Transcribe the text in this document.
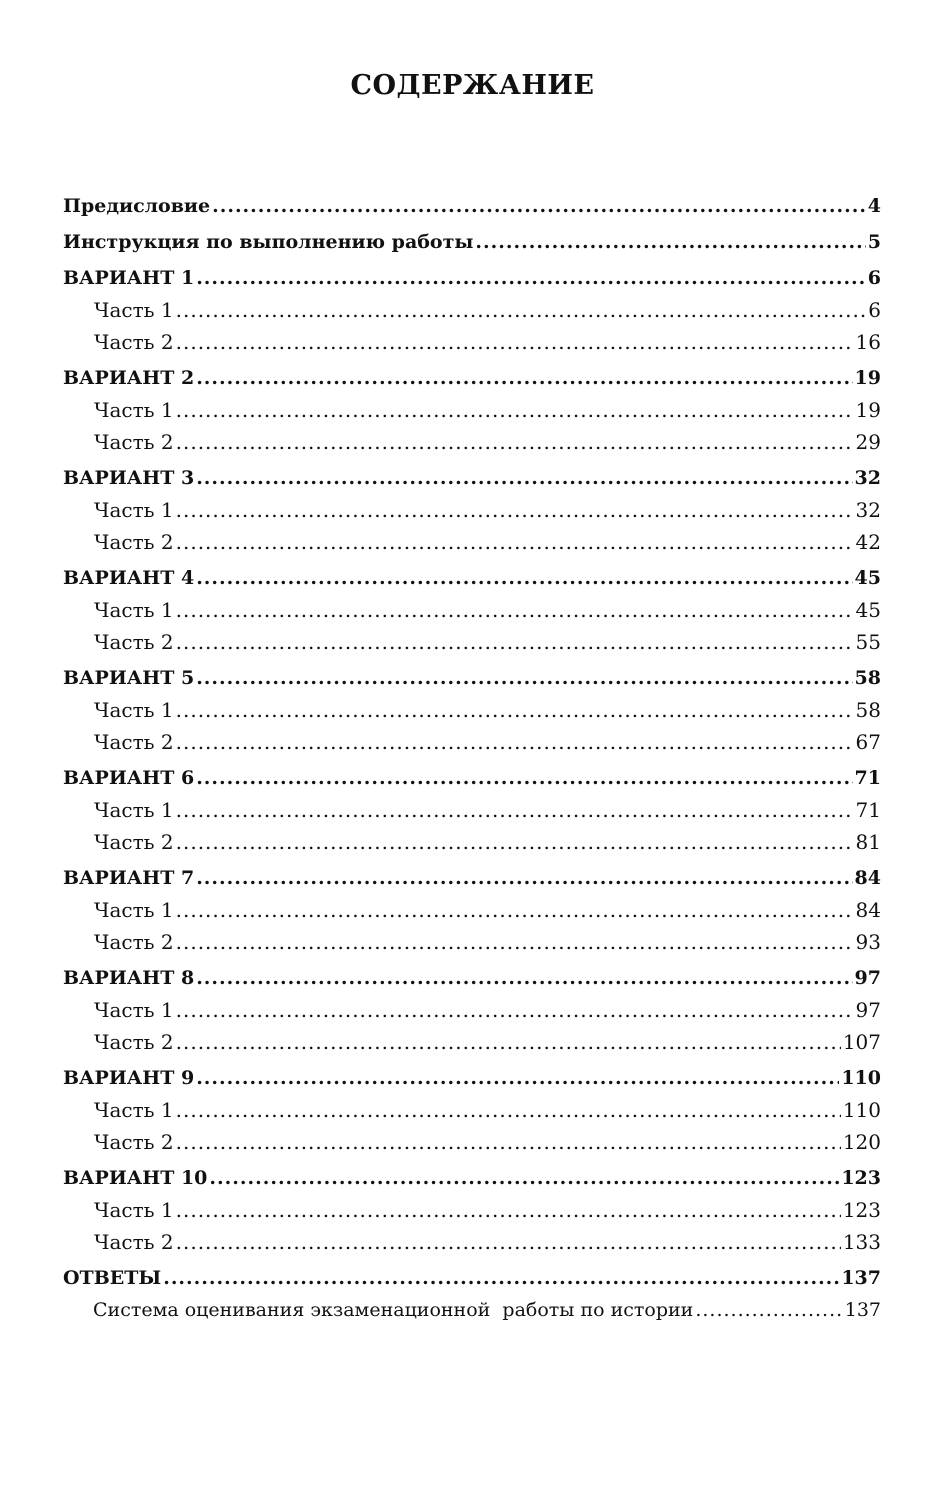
СОДЕРЖАНИЕ
Предисловие .....	4
Инструкция по выполнению работы .....	5
ВАРИАНТ 1 .....	6
Часть 1 .....	6
Часть 2 .....	16
ВАРИАНТ 2 .....	19
Часть 1 .....	19
Часть 2 .....	29
ВАРИАНТ 3 .....	32
Часть 1 .....	32
Часть 2 .....	42
ВАРИАНТ 4 .....	45
Часть 1 .....	45
Часть 2 .....	55
ВАРИАНТ 5 .....	58
Часть 1 .....	58
Часть 2 .....	67
ВАРИАНТ 6 .....	71
Часть 1 .....	71
Часть 2 .....	81
ВАРИАНТ 7 .....	84
Часть 1 .....	84
Часть 2 .....	93
ВАРИАНТ 8 .....	97
Часть 1 .....	97
Часть 2 .....	107
ВАРИАНТ 9 .....	110
Часть 1 .....	110
Часть 2 .....	120
ВАРИАНТ 10 .....	123
Часть 1 .....	123
Часть 2 .....	133
ОТВЕТЫ .....	137
Система оценивания экзаменационной  работы по истории .....	137
